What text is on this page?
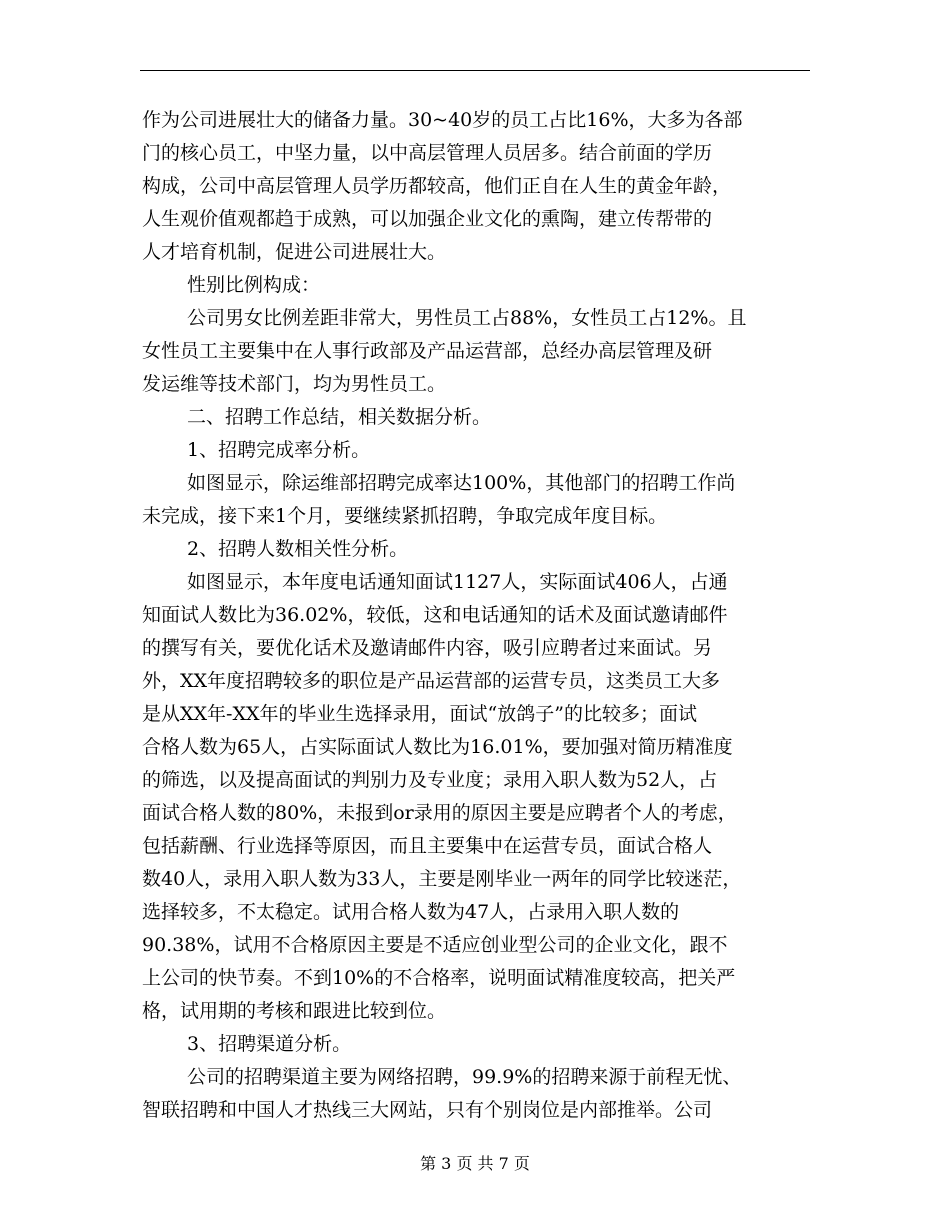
作为公司进展壮大的储备力量。30~40岁的员工占比16%，大多为各部
门的核心员工，中坚力量，以中高层管理人员居多。结合前面的学历
构成，公司中高层管理人员学历都较高，他们正自在人生的黄金年龄，
人生观价值观都趋于成熟，可以加强企业文化的熏陶，建立传帮带的
人才培育机制，促进公司进展壮大。
性别比例构成：
公司男女比例差距非常大，男性员工占88%，女性员工占12%。且
女性员工主要集中在人事行政部及产品运营部，总经办高层管理及研
发运维等技术部门，均为男性员工。
二、招聘工作总结，相关数据分析。
1、招聘完成率分析。
如图显示，除运维部招聘完成率达100%，其他部门的招聘工作尚
未完成，接下来1个月，要继续紧抓招聘，争取完成年度目标。
2、招聘人数相关性分析。
如图显示，本年度电话通知面试1127人，实际面试406人，占通
知面试人数比为36.02%，较低，这和电话通知的话术及面试邀请邮件
的撰写有关，要优化话术及邀请邮件内容，吸引应聘者过来面试。另
外，XX年度招聘较多的职位是产品运营部的运营专员，这类员工大多
是从XX年-XX年的毕业生选择录用，面试“放鸽子”的比较多；面试
合格人数为65人，占实际面试人数比为16.01%，要加强对简历精准度
的筛选，以及提高面试的判别力及专业度；录用入职人数为52人，占
面试合格人数的80%，未报到or录用的原因主要是应聘者个人的考虑，
包括薪酬、行业选择等原因，而且主要集中在运营专员，面试合格人
数40人，录用入职人数为33人，主要是刚毕业一两年的同学比较迷茫，
选择较多，不太稳定。试用合格人数为47人，占录用入职人数的
90.38%，试用不合格原因主要是不适应创业型公司的企业文化，跟不
上公司的快节奏。不到10%的不合格率，说明面试精准度较高，把关严
格，试用期的考核和跟进比较到位。
3、招聘渠道分析。
公司的招聘渠道主要为网络招聘，99.9%的招聘来源于前程无忧、
智联招聘和中国人才热线三大网站，只有个别岗位是内部推举。公司
第 3 页 共 7 页
